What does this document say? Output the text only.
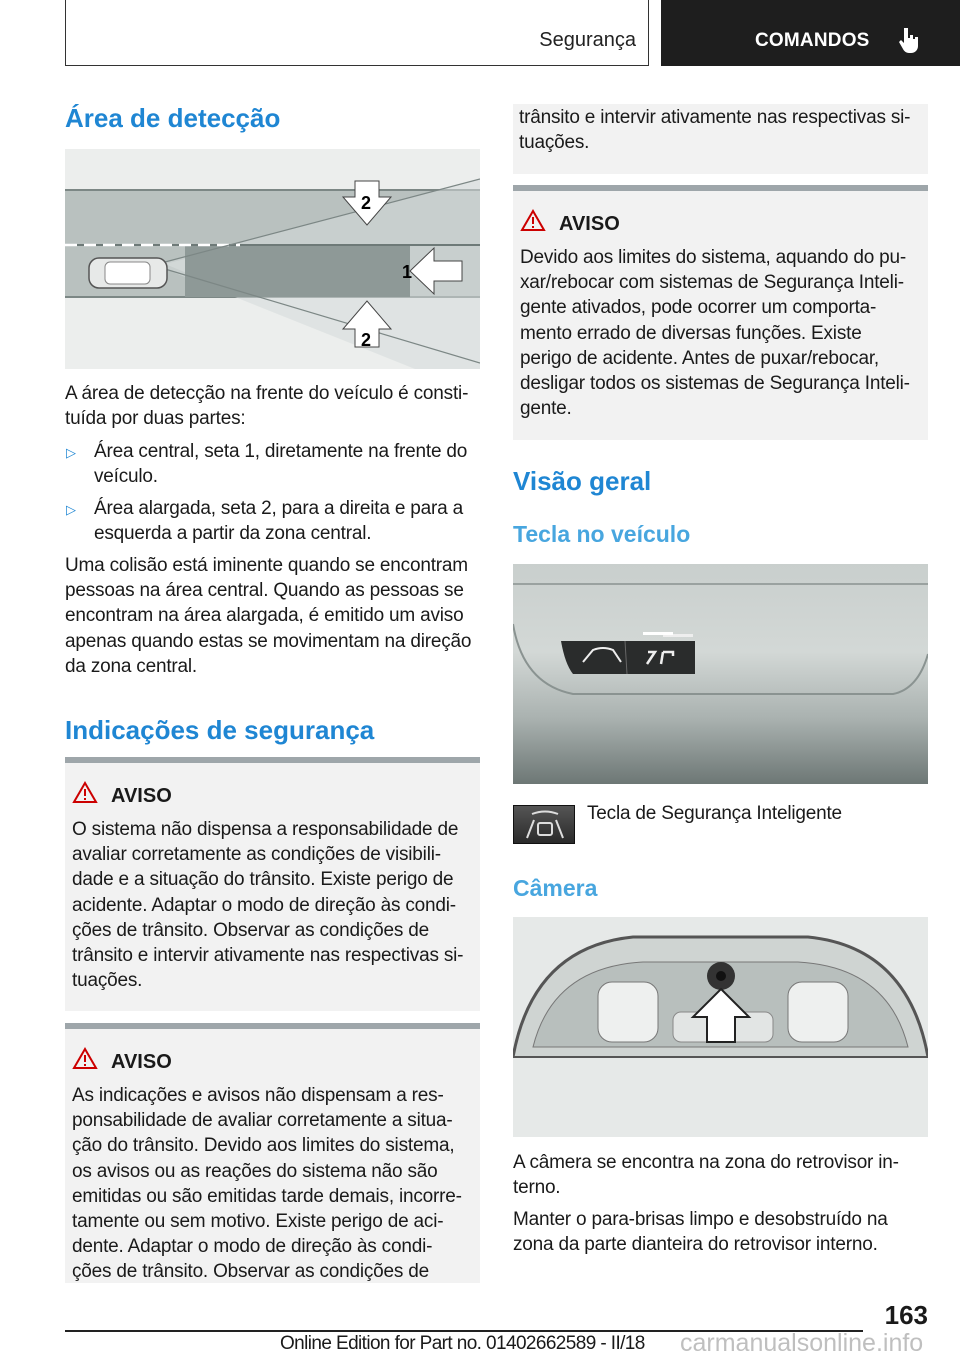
Segurança	COMANDOS
Área de detecção
2
2
1
A área de detecção na frente do veículo é consti-
tuída por duas partes:
▷ Área central, seta 1, diretamente na frente do
veículo.
▷ Área alargada, seta 2, para a direita e para a
esquerda a partir da zona central.
Uma colisão está iminente quando se encontram
pessoas na área central. Quando as pessoas se
encontram na área alargada, é emitido um aviso
apenas quando estas se movimentam na direção
da zona central.
Indicações de segurança
AVISO
O sistema não dispensa a responsabilidade de
avaliar corretamente as condições de visibili-
dade e a situação do trânsito. Existe perigo de
acidente. Adaptar o modo de direção às condi-
ções de trânsito. Observar as condições de
trânsito e intervir ativamente nas respectivas si-
tuações.
AVISO
As indicações e avisos não dispensam a res-
ponsabilidade de avaliar corretamente a situa-
ção do trânsito. Devido aos limites do sistema,
os avisos ou as reações do sistema não são
emitidas ou são emitidas tarde demais, incorre-
tamente ou sem motivo. Existe perigo de aci-
dente. Adaptar o modo de direção às condi-
ções de trânsito. Observar as condições de
trânsito e intervir ativamente nas respectivas si-
tuações.
AVISO
Devido aos limites do sistema, aquando do pu-
xar/rebocar com sistemas de Segurança Inteli-
gente ativados, pode ocorrer um comporta-
mento errado de diversas funções. Existe
perigo de acidente. Antes de puxar/rebocar,
desligar todos os sistemas de Segurança Inteli-
gente.
Visão geral
Tecla no veículo
Tecla de Segurança Inteligente
Câmera
A câmera se encontra na zona do retrovisor in-
terno.
Manter o para-brisas limpo e desobstruído na
zona da parte dianteira do retrovisor interno.
163
Online Edition for Part no. 01402662589 - II/18 carmanualsonline.info
